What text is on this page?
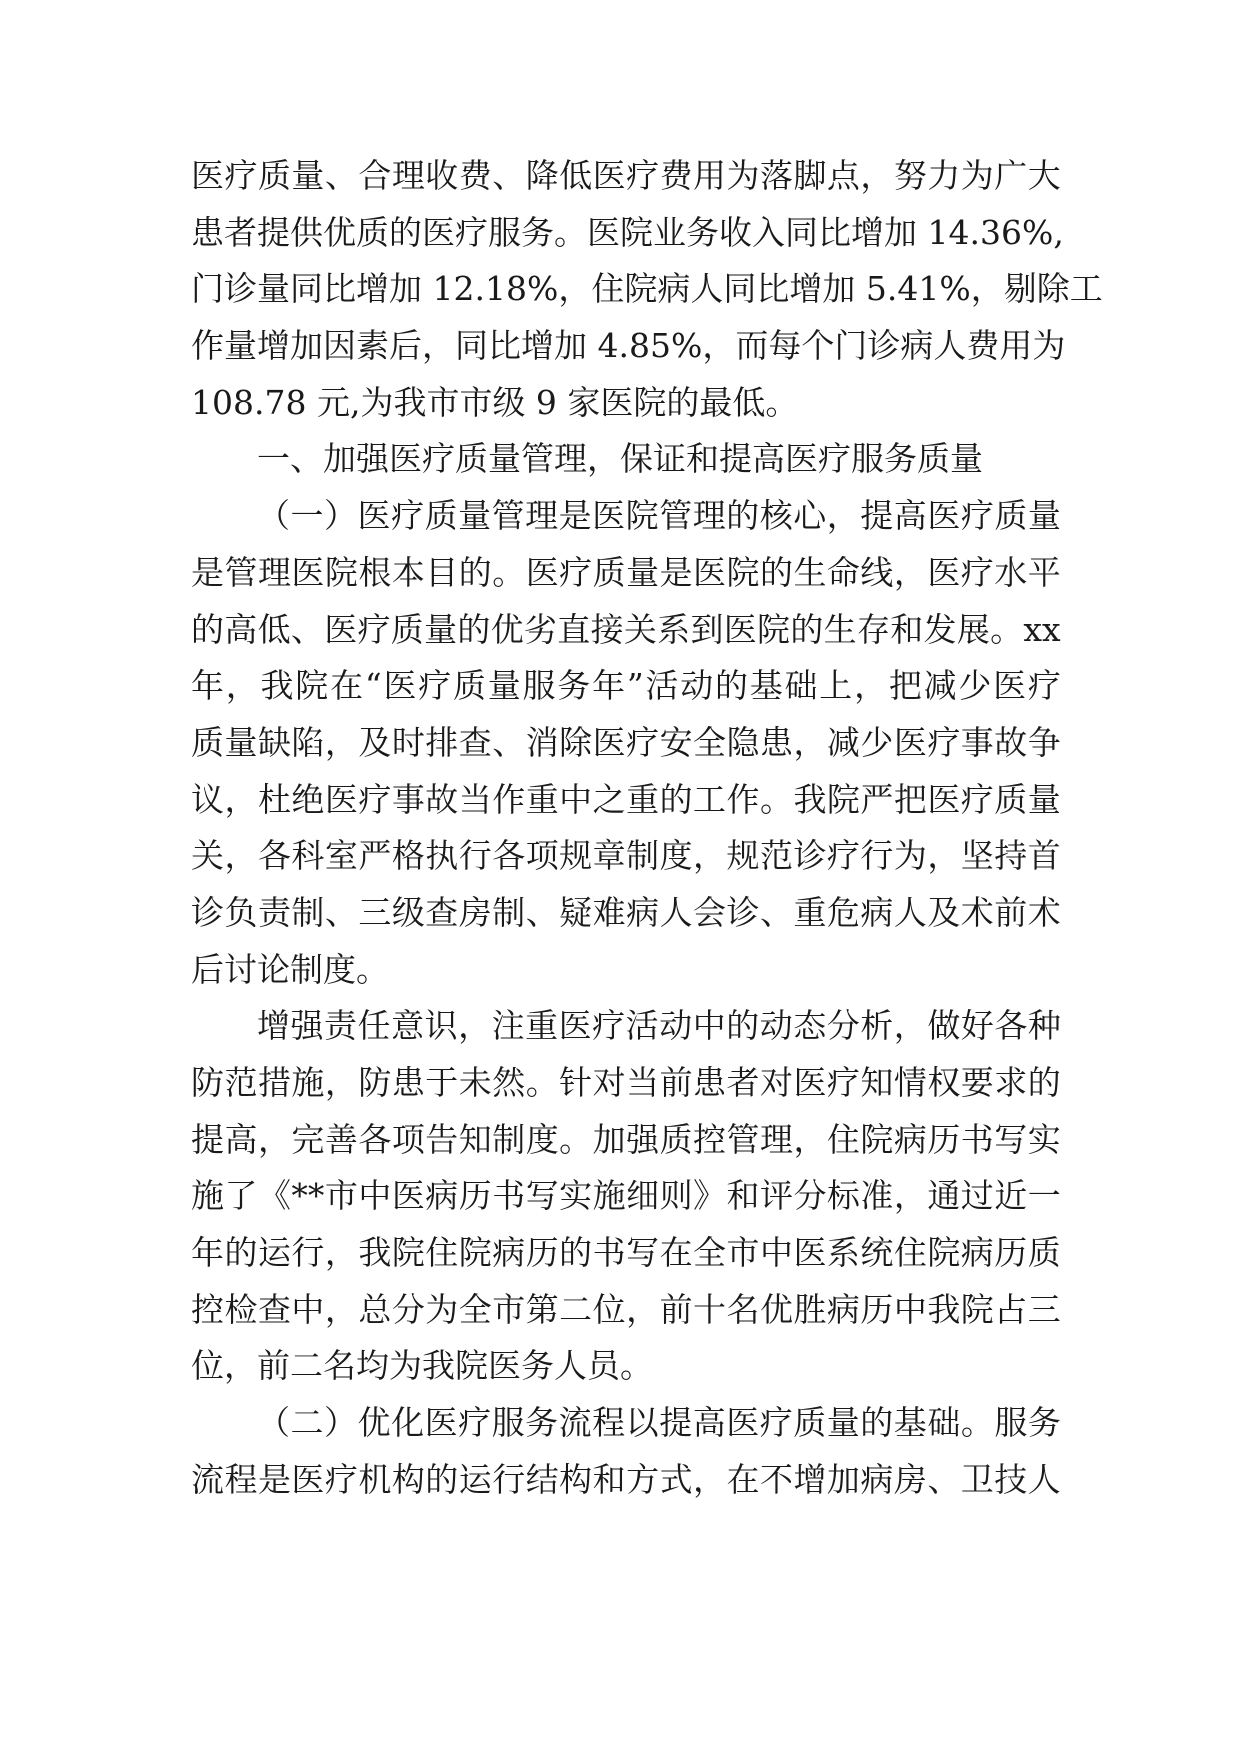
医 疗 质 量 、 合 理 收 费 、 降 低 医 疗 费 用 为 落 脚 点 ， 努 力 为 广 大
患 者 提 供 优 质 的 医 疗 服 务 。 医 院 业 务 收 入 同 比 增 加 14.36%,
门 诊 量 同 比 增 加 12.18% ， 住 院 病 人 同 比 增 加 5.41% ， 剔 除 工
作 量 增 加 因 素 后 ， 同 比 增 加 4.85% ， 而 每 个 门 诊 病 人 费 用 为
108.78 元,为我市市级 9 家医院的最低。
一、加强医疗质量管理，保证和提高医疗服务质量
（ 一 ） 医 疗 质 量 管 理 是 医 院 管 理 的 核 心 ， 提 高 医 疗 质 量
是 管 理 医 院 根 本 目 的 。 医 疗 质 量 是 医 院 的 生 命 线 ， 医 疗 水 平
的 高 低 、 医 疗 质 量 的 优 劣 直 接 关 系 到 医 院 的 生 存 和 发 展 。 xx
年 ， 我 院 在 “ 医 疗 质 量 服 务 年 ” 活 动 的 基 础 上 ， 把 减 少 医 疗
质 量 缺 陷 ， 及 时 排 查 、 消 除 医 疗 安 全 隐 患 ， 减 少 医 疗 事 故 争
议 ， 杜 绝 医 疗 事 故 当 作 重 中 之 重 的 工 作 。 我 院 严 把 医 疗 质 量
关 ， 各 科 室 严 格 执 行 各 项 规 章 制 度 ， 规 范 诊 疗 行 为 ， 坚 持 首
诊 负 责 制 、 三 级 查 房 制 、 疑 难 病 人 会 诊 、 重 危 病 人 及 术 前 术
后讨论制度。
增 强 责 任 意 识 ， 注 重 医 疗 活 动 中 的 动 态 分 析 ， 做 好 各 种
防 范 措 施 ， 防 患 于 未 然 。 针 对 当 前 患 者 对 医 疗 知 情 权 要 求 的
提 高 ， 完 善 各 项 告 知 制 度 。 加 强 质 控 管 理 ， 住 院 病 历 书 写 实
施 了 《 ** 市 中 医 病 历 书 写 实 施 细 则 》 和 评 分 标 准 ， 通 过 近 一
年 的 运 行 ， 我 院 住 院 病 历 的 书 写 在 全 市 中 医 系 统 住 院 病 历 质
控 检 查 中 ， 总 分 为 全 市 第 二 位 ， 前 十 名 优 胜 病 历 中 我 院 占 三
位，前二名均为我院医务人员。
（ 二 ） 优 化 医 疗 服 务 流 程 以 提 高 医 疗 质 量 的 基 础 。 服 务
流 程 是 医 疗 机 构 的 运 行 结 构 和 方 式 ， 在 不 增 加 病 房 、 卫 技 人
